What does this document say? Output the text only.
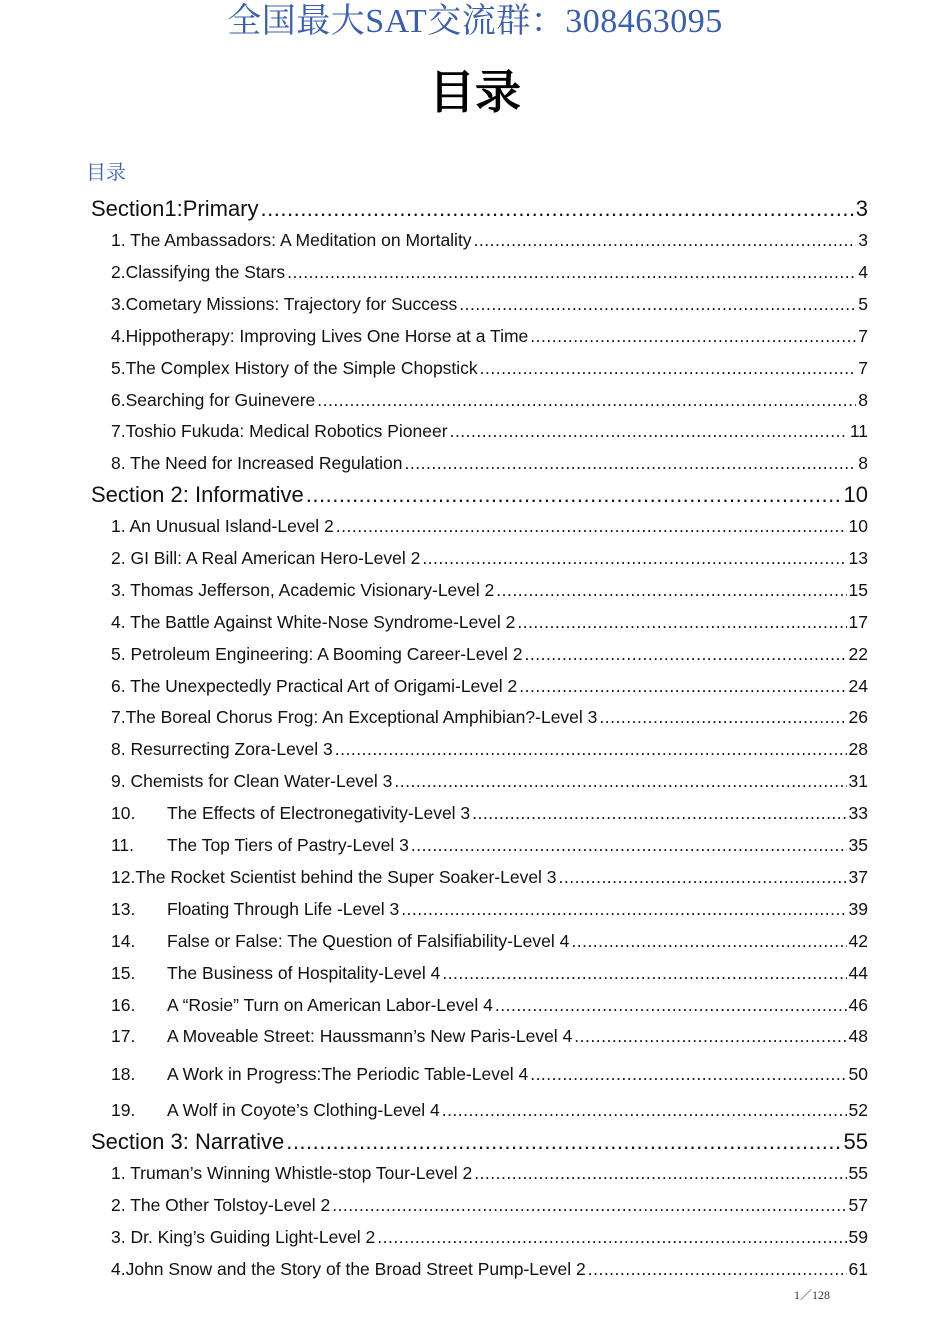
全国最大SAT交流群：308463095
目录
目录
Section1:Primary .....	3
1. The Ambassadors: A Meditation on Mortality .....	3
2.Classifying the Stars .....	4
3.Cometary Missions: Trajectory for Success .....	5
4.Hippotherapy: Improving Lives One Horse at a Time .....	7
5.The Complex History of the Simple Chopstick .....	7
6.Searching for Guinevere .....	8
7.Toshio Fukuda: Medical Robotics Pioneer .....	11
8. The Need for Increased Regulation .....	8
Section 2: Informative .....	10
1. An Unusual Island-Level 2 .....	10
2. GI Bill: A Real American Hero-Level 2 .....	13
3. Thomas Jefferson, Academic Visionary-Level 2 .....	15
4. The Battle Against White-Nose Syndrome-Level 2 .....	17
5. Petroleum Engineering: A Booming Career-Level 2 .....	22
6. The Unexpectedly Practical Art of Origami-Level 2 .....	24
7.The Boreal Chorus Frog: An Exceptional Amphibian?-Level 3 .....	26
8. Resurrecting Zora-Level 3 .....	28
9. Chemists for Clean Water-Level 3 .....	31
10. The Effects of Electronegativity-Level 3 .....	33
11. The Top Tiers of Pastry-Level 3 .....	35
12.The Rocket Scientist behind the Super Soaker-Level 3 .....	37
13. Floating Through Life -Level 3 .....	39
14. False or False: The Question of Falsifiability-Level 4 .....	42
15. The Business of Hospitality-Level 4 .....	44
16. A “Rosie” Turn on American Labor-Level 4 .....	46
17. A Moveable Street: Haussmann’s New Paris-Level 4 .....	48
18. A Work in Progress:The Periodic Table-Level 4 .....	50
19. A Wolf in Coyote’s Clothing-Level 4 .....	52
Section 3: Narrative .....	55
1. Truman’s Winning Whistle-stop Tour-Level 2 .....	55
2. The Other Tolstoy-Level 2 .....	57
3. Dr. King’s Guiding Light-Level 2 .....	59
4.John Snow and the Story of the Broad Street Pump-Level 2 .....	61
1／128
